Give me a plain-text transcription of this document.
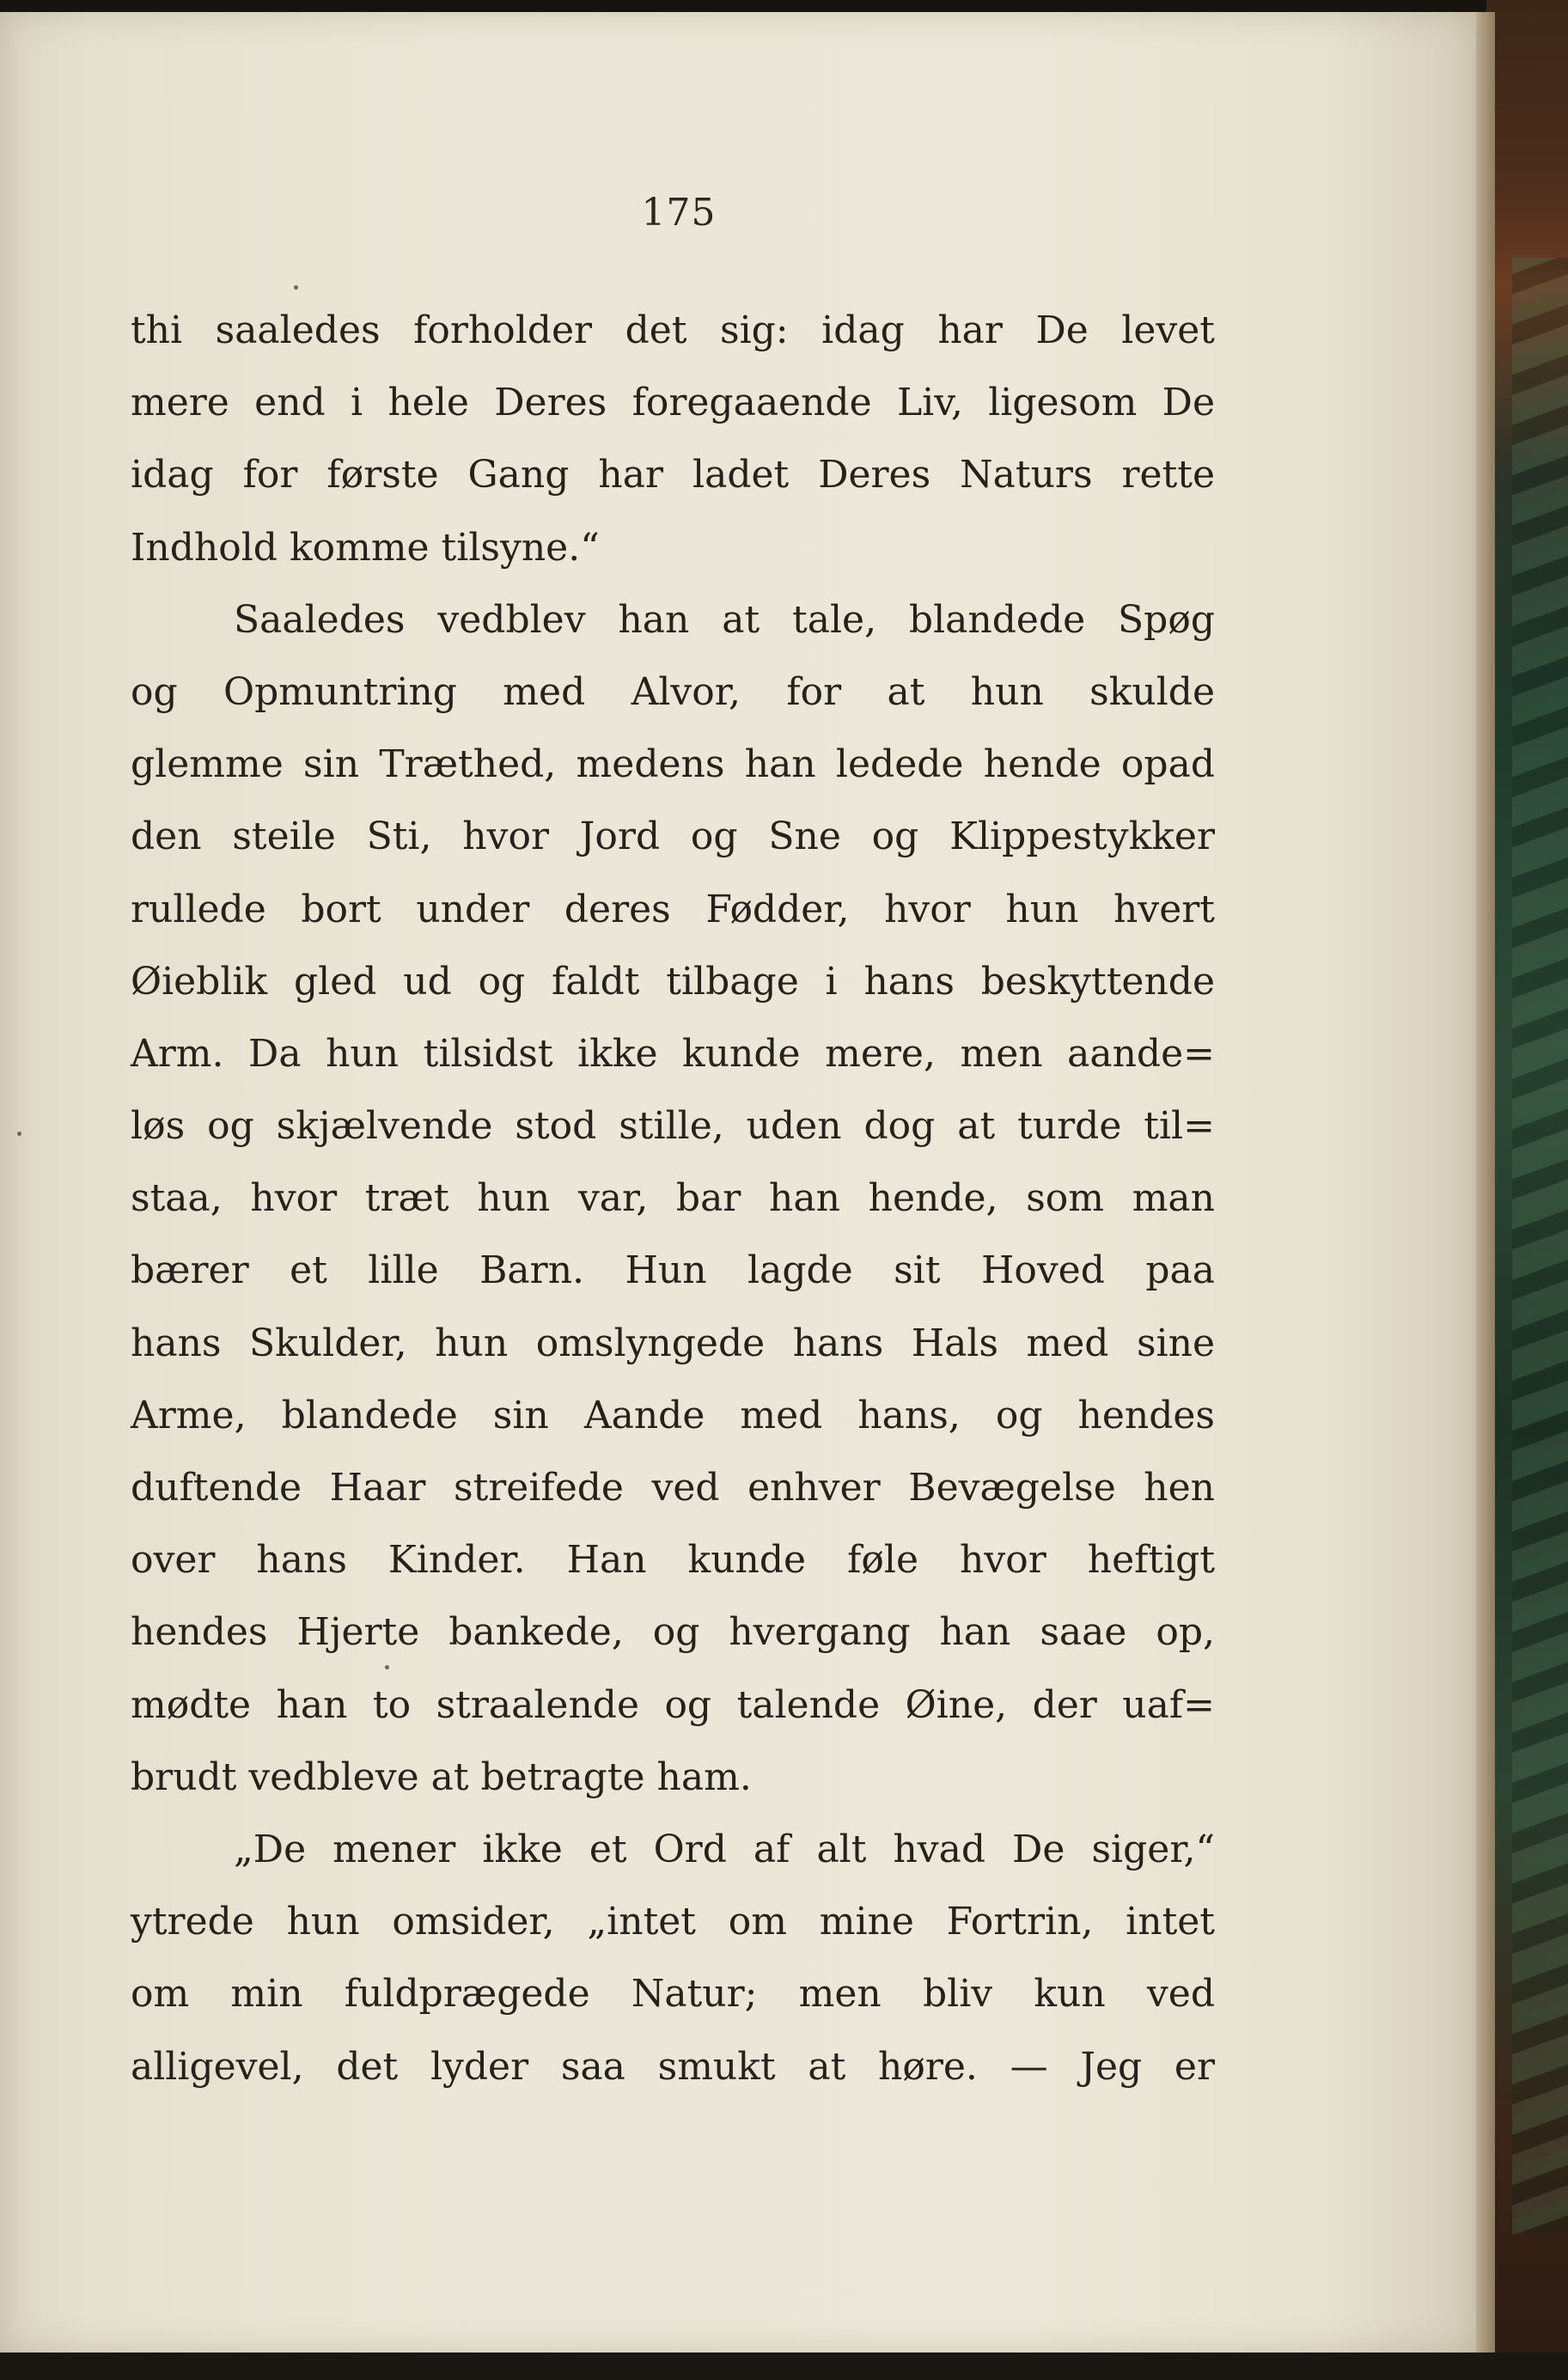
175
thi saaledes forholder det sig: idag har De levet
mere end i hele Deres foregaaende Liv, ligesom De
idag for første Gang har ladet Deres Naturs rette
Indhold komme tilsyne.“
Saaledes vedblev han at tale, blandede Spøg
og Opmuntring med Alvor, for at hun skulde
glemme sin Træthed, medens han ledede hende opad
den steile Sti, hvor Jord og Sne og Klippestykker
rullede bort under deres Fødder, hvor hun hvert
Øieblik gled ud og faldt tilbage i hans beskyttende
Arm. Da hun tilsidst ikke kunde mere, men aande=
løs og skjælvende stod stille, uden dog at turde til=
staa, hvor træt hun var, bar han hende, som man
bærer et lille Barn. Hun lagde sit Hoved paa
hans Skulder, hun omslyngede hans Hals med sine
Arme, blandede sin Aande med hans, og hendes
duftende Haar streifede ved enhver Bevægelse hen
over hans Kinder. Han kunde føle hvor heftigt
hendes Hjerte bankede, og hvergang han saae op,
mødte han to straalende og talende Øine, der uaf=
brudt vedbleve at betragte ham.
„De mener ikke et Ord af alt hvad De siger,“
ytrede hun omsider, „intet om mine Fortrin, intet
om min fuldprægede Natur; men bliv kun ved
alligevel, det lyder saa smukt at høre. — Jeg er
